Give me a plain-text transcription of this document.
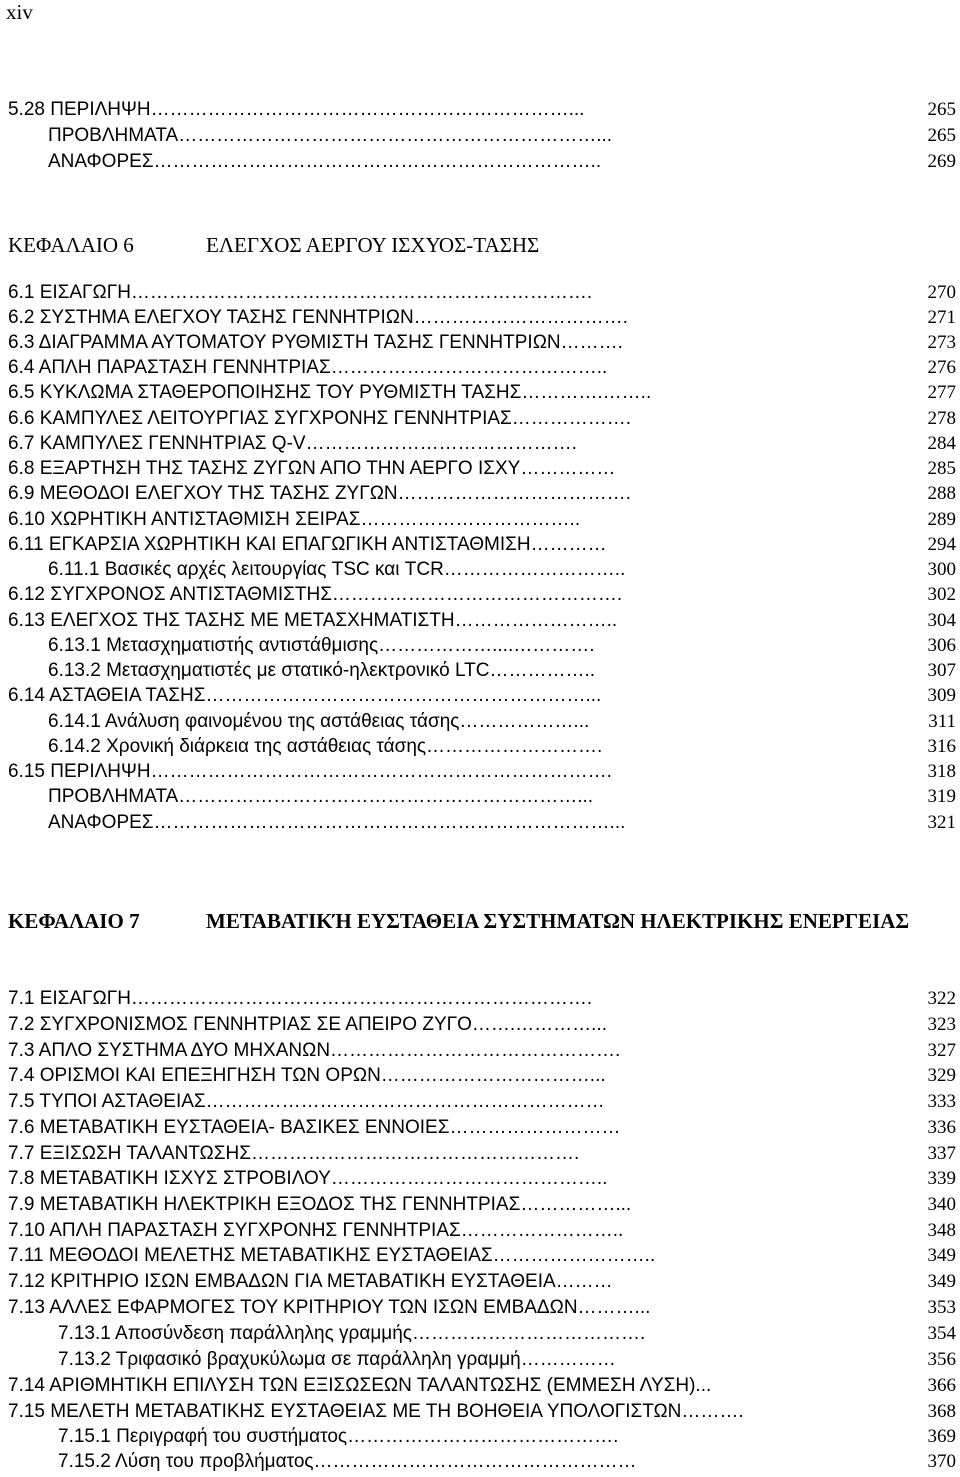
xiv
5.28 ΠΕΡΙΛΗΨΗ…………………………………………………………...	265
ΠΡΟΒΛΗΜΑΤΑ…………………………………………………………...	265
ΑΝΑΦΟΡΕΣ……………………………………………………………..	269
ΚΕΦΑΛΑΙΟ 6	ΕΛΕΓΧΟΣ ΑΕΡΓΟΥ ΙΣΧΥΟΣ-ΤΑΣΗΣ
6.1 ΕΙΣΑΓΩΓΗ……………………………………………………………….	270
6.2 ΣΥΣΤΗΜΑ ΕΛΕΓΧΟΥ ΤΑΣΗΣ ΓΕΝΝΗΤΡΙΩΝ…………………………….	271
6.3 ΔΙΑΓΡΑΜΜΑ ΑΥΤΟΜΑΤΟΥ ΡΥΘΜΙΣΤΗ ΤΑΣΗΣ ΓΕΝΝΗΤΡΙΩΝ……….	273
6.4 ΑΠΛΗ ΠΑΡΑΣΤΑΣΗ ΓΕΝΝΗΤΡΙΑΣ……………………………………..	276
6.5 ΚΥΚΛΩΜΑ ΣΤΑΘΕΡΟΠΟΙΗΣΗΣ ΤΟΥ ΡΥΘΜΙΣΤΗ ΤΑΣΗΣ………….……..	277
6.6 ΚΑΜΠΥΛΕΣ ΛΕΙΤΟΥΡΓΙΑΣ ΣΥΓΧΡΟΝΗΣ ΓΕΝΝΗΤΡΙΑΣ……………….	278
6.7 ΚΑΜΠΥΛΕΣ ΓΕΝΝΗΤΡΙΑΣ Q-V…………………………………….	284
6.8 ΕΞΑΡΤΗΣΗ ΤΗΣ ΤΑΣΗΣ ΖΥΓΩΝ ΑΠΟ ΤΗΝ ΑΕΡΓΟ ΙΣΧΥ……………	285
6.9 ΜΕΘΟΔΟΙ ΕΛΕΓΧΟΥ ΤΗΣ ΤΑΣΗΣ ΖΥΓΩΝ……………………………….	288
6.10 ΧΩΡΗΤΙΚΗ ΑΝΤΙΣΤΑΘΜΙΣΗ ΣΕΙΡΑΣ……………………………..	289
6.11 ΕΓΚΑΡΣΙΑ ΧΩΡΗΤΙΚΗ ΚΑΙ ΕΠΑΓΩΓΙΚΗ ΑΝΤΙΣΤΑΘΜΙΣΗ…………	294
6.11.1 Βασικές αρχές λειτουργίας TSC και TCR………………………..	300
6.12 ΣΥΓΧΡΟΝΟΣ ΑΝΤΙΣΤΑΘΜΙΣΤΗΣ……………………………………….	302
6.13 ΕΛΕΓΧΟΣ ΤΗΣ ΤΑΣΗΣ ΜΕ ΜΕΤΑΣΧΗΜΑΤΙΣΤΗ……………………..	304
6.13.1 Μετασχηματιστής αντιστάθμισης………………....………….	306
6.13.2 Μετασχηματιστές με στατικό-ηλεκτρονικό LTC……………..	307
6.14 ΑΣΤΑΘΕΙΑ ΤΑΣΗΣ……………………………………………………...	309
6.14.1 Ανάλυση φαινομένου της αστάθειας τάσης………………...	311
6.14.2 Χρονική διάρκεια της αστάθειας τάσης……………………….	316
6.15 ΠΕΡΙΛΗΨΗ……………………………………………………………….	318
ΠΡΟΒΛΗΜΑΤΑ………………………………………………………...	319
ΑΝΑΦΟΡΕΣ………………………………………………………………...	321
ΚΕΦΑΛΑΙΟ 7	ΜΕΤΑΒΑΤΙΚΉ ΕΥΣΤΑΘΕΙΑ ΣΥΣΤΗΜΑΤΩΝ ΗΛΕΚΤΡΙΚΗΣ ΕΝΕΡΓΕΙΑΣ
7.1 ΕΙΣΑΓΩΓΗ……………………………………………………………….	322
7.2 ΣΥΓΧΡΟΝΙΣΜΟΣ ΓΕΝΝΗΤΡΙΑΣ ΣΕ ΑΠΕΙΡΟ ΖΥΓΟ…….…………...	323
7.3 ΑΠΛΟ ΣΥΣΤΗΜΑ ΔΥΟ ΜΗΧΑΝΩΝ……………………………………….	327
7.4 ΟΡΙΣΜΟΙ ΚΑΙ ΕΠΕΞΗΓΗΣΗ ΤΩΝ ΟΡΩΝ……………………………...	329
7.5 ΤΥΠΟΙ ΑΣΤΑΘΕΙΑΣ………………………………………………………	333
7.6 ΜΕΤΑΒΑΤΙΚΗ ΕΥΣΤΑΘΕΙΑ- ΒΑΣΙΚΕΣ ΕΝΝΟΙΕΣ………………………	336
7.7 ΕΞΙΣΩΣΗ ΤΑΛΑΝΤΩΣΗΣ…………………………………………….	337
7.8 ΜΕΤΑΒΑΤΙΚΗ ΙΣΧΥΣ ΣΤΡΟΒΙΛΟΥ……………………………………..	339
7.9 ΜΕΤΑΒΑΤΙΚΗ ΗΛΕΚΤΡΙΚΗ ΕΞΟΔΟΣ ΤΗΣ ΓΕΝΝΗΤΡΙΑΣ……………...	340
7.10 ΑΠΛΗ ΠΑΡΑΣΤΑΣΗ ΣΥΓΧΡΟΝΗΣ ΓΕΝΝΗΤΡΙΑΣ……………………..	348
7.11 ΜΕΘΟΔΟΙ ΜΕΛΕΤΗΣ ΜΕΤΑΒΑΤΙΚΗΣ ΕΥΣΤΑΘΕΙΑΣ……………………..	349
7.12 ΚΡΙΤΗΡΙΟ ΙΣΩΝ ΕΜΒΑΔΩΝ ΓΙΑ ΜΕΤΑΒΑΤΙΚΗ ΕΥΣΤΑΘΕΙΑ………	349
7.13 ΑΛΛΕΣ ΕΦΑΡΜΟΓΕΣ ΤΟΥ ΚΡΙΤΗΡΙΟΥ ΤΩΝ ΙΣΩΝ ΕΜΒΑΔΩΝ………...	353
7.13.1 Αποσύνδεση παράλληλης γραμμής……………………………….	354
7.13.2 Τριφασικό βραχυκύλωμα σε παράλληλη γραμμή……………	356
7.14 ΑΡΙΘΜΗΤΙΚΗ ΕΠΙΛΥΣΗ ΤΩΝ ΕΞΙΣΩΣΕΩΝ ΤΑΛΑΝΤΩΣΗΣ (ΕΜΜΕΣΗ ΛΥΣΗ)...	366
7.15 ΜΕΛΕΤΗ ΜΕΤΑΒΑΤΙΚΗΣ ΕΥΣΤΑΘΕΙΑΣ ΜΕ ΤΗ ΒΟΗΘΕΙΑ ΥΠΟΛΟΓΙΣΤΩΝ……….	368
7.15.1 Περιγραφή του συστήματος…………………………………….	369
7.15.2 Λύση του προβλήματος……………………………………………	370
